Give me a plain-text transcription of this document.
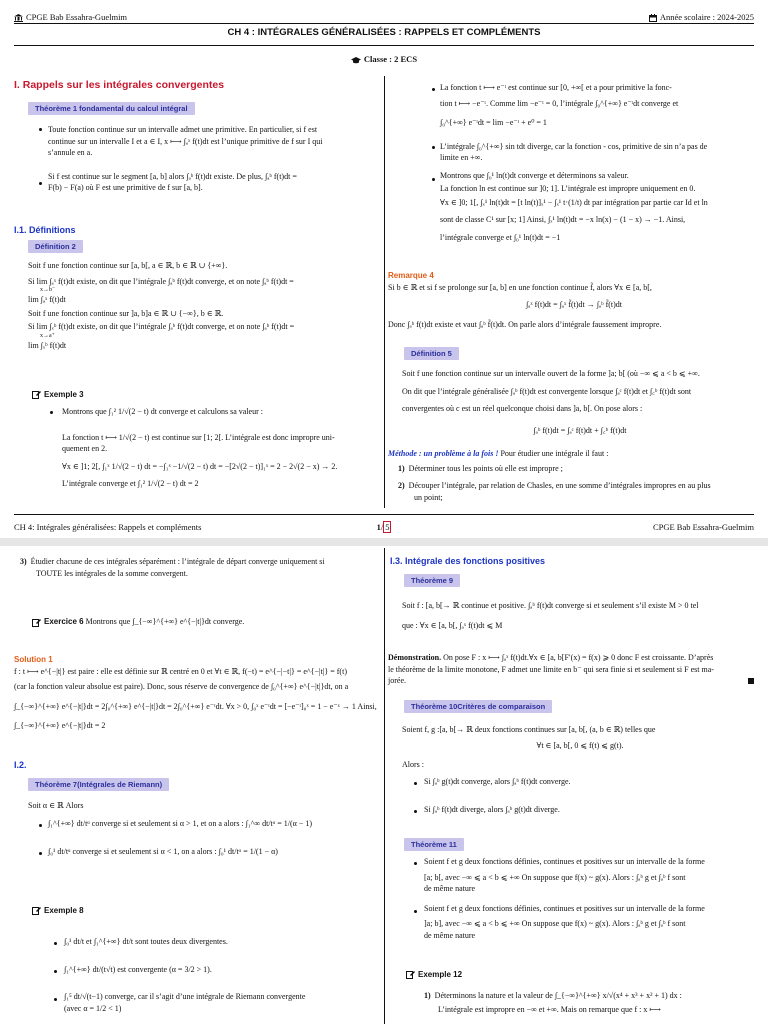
CPGE Bab Essahra-Guelmim	Année scolaire : 2024-2025
CH 4 : INTÉGRALES GÉNÉRALISÉES : RAPPELS ET COMPLÉMENTS
Classe : 2 ECS
I. Rappels sur les intégrales convergentes
Théorème 1 fondamental du calcul intégral

Toute fonction continue sur un intervalle admet une primitive. En particulier, si f est

continue sur un intervalle I et a ∈ I, x ⟼ ∫ₐˣ f(t)dt est l’unique primitive de f sur I qui

s’annule en a.

Si f est continue sur le segment [a, b] alors ∫ₐᵇ f(t)dt existe. De plus, ∫ₐᵇ f(t)dt =

F(b) − F(a) où F est une primitive de f sur [a, b].

I.1. Définitions
Définition 2

Soit f une fonction continue sur [a, b[, a ∈ ℝ, b ∈ ℝ ∪ {+∞}.

Si lim ∫ₐˣ f(t)dt existe, on dit que l’intégrale ∫ₐᵇ f(t)dt converge, et on note ∫ₐᵇ f(t)dt =

x→b⁻

lim ∫ₐˣ f(t)dt

Soit f une fonction continue sur ]a, b]a ∈ ℝ ∪ {−∞}, b ∈ ℝ.

Si lim ∫ₓᵇ f(t)dt existe, on dit que l’intégrale ∫ₐᵇ f(t)dt converge, et on note ∫ₐᵇ f(t)dt =

x→a⁺

lim ∫ₓᵇ f(t)dt

Exemple 3

Montrons que ∫₁² 1/√(2 − t) dt converge et calculons sa valeur :

La fonction t ⟼ 1/√(2 − t) est continue sur [1; 2[. L’intégrale est donc impropre uni-

quement en 2.

∀x ∈ ]1; 2[, ∫₁ˣ 1/√(2 − t) dt = −∫₁ˣ −1/√(2 − t) dt = −[2√(2 − t)]₁ˣ = 2 − 2√(2 − x) → 2.

L’intégrale converge et ∫₁² 1/√(2 − t) dt = 2

La fonction t ⟼ e⁻ᵗ est continue sur [0, +∞[ et a pour primitive la fonc-

tion t ⟼ −e⁻ᵗ. Comme lim −e⁻ᵗ = 0, l’intégrale ∫₀^{+∞} e⁻ᵗdt converge et

∫₀^{+∞} e⁻ᵗdt = lim −e⁻ᵗ + e⁰ = 1

L’intégrale ∫₀^{+∞} sin tdt diverge, car la fonction - cos, primitive de sin n’a pas de

limite en +∞.

Montrons que ∫₀¹ ln(t)dt converge et déterminons sa valeur.

La fonction ln est continue sur ]0; 1]. L’intégrale est impropre uniquement en 0.

∀x ∈ ]0; 1[, ∫ₓ¹ ln(t)dt = [t ln(t)]ₓ¹ − ∫ₓ¹ t·(1/t) dt par intégration par partie car Id et ln

sont de classe C¹ sur [x; 1] Ainsi, ∫ₓ¹ ln(t)dt = −x ln(x) − (1 − x) → −1. Ainsi,

l’intégrale converge et ∫₀¹ ln(t)dt = −1

Remarque 4

Si b ∈ ℝ et si f se prolonge sur [a, b] en une fonction continue f̃, alors ∀x ∈ [a, b[,

∫ₐˣ f(t)dt = ∫ₐˣ f̃(t)dt → ∫ₐᵇ f̃(t)dt

Donc ∫ₐᵇ f(t)dt existe et vaut ∫ₐᵇ f̃(t)dt. On parle alors d’intégrale faussement impropre.

Définition 5

Soit f une fonction continue sur un intervalle ouvert de la forme ]a; b[ (où −∞ ⩽ a < b ⩽ +∞.

On dit que l’intégrale généralisée ∫ₐᵇ f(t)dt est convergente lorsque ∫ₐᶜ f(t)dt et ∫꜀ᵇ f(t)dt sont

convergentes où c est un réel quelconque choisi dans ]a, b[. On pose alors :

∫ₐᵇ f(t)dt = ∫ₐᶜ f(t)dt + ∫꜀ᵇ f(t)dt

Méthode : un problème à la fois ! Pour étudier une intégrale il faut :

1) Déterminer tous les points où elle est impropre ;

2) Découper l’intégrale, par relation de Chasles, en une somme d’intégrales impropres en au plus

un point;

CH 4: Intégrales généralisées: Rappels et compléments	1/ 5	CPGE Bab Essahra-Guelmim

3) Étudier chacune de ces intégrales séparément : l’intégrale de départ converge uniquement si

TOUTE les intégrales de la somme convergent.

Exercice 6 Montrons que ∫_{−∞}^{+∞} e^{−|t|}dt converge.

Solution 1

f : t ⟼ e^{−|t|} est paire : elle est définie sur ℝ centré en 0 et ∀t ∈ ℝ, f(−t) = e^{−|−t|} = e^{−|t|} = f(t)

(car la fonction valeur absolue est paire). Donc, sous réserve de convergence de ∫₀^{+∞} e^{−|t|}dt, on a

∫_{−∞}^{+∞} e^{−|t|}dt = 2∫₀^{+∞} e^{−|t|}dt = 2∫₀^{+∞} e⁻ᵗdt. ∀x > 0, ∫₀ˣ e⁻ᵗdt = [−e⁻ᵗ]₀ˣ = 1 − e⁻ˣ → 1 Ainsi,

∫_{−∞}^{+∞} e^{−|t|}dt = 2

I.2.
Théorème 7(Intégrales de Riemann)

Soit α ∈ ℝ Alors

∫₁^{+∞} dt/tᵅ converge si et seulement si α > 1, et on a alors : ∫₁^∞ dt/tᵅ = 1/(α − 1)

∫₀¹ dt/tᵅ converge si et seulement si α < 1, on a alors : ∫₀¹ dt/tᵅ = 1/(1 − α)

Exemple 8

∫₀¹ dt/t et ∫₁^{+∞} dt/t sont toutes deux divergentes.

∫₁^{+∞} dt/(t√t) est convergente (α = 3/2 > 1).

∫₁⁵ dt/√(t−1) converge, car il s’agit d’une intégrale de Riemann convergente

(avec α = 1/2 < 1)

I.3. Intégrale des fonctions positives
Théorème 9

Soit f : [a, b[→ ℝ continue et positive. ∫ₐᵇ f(t)dt converge si et seulement s’il existe M > 0 tel

que : ∀x ∈ [a, b[, ∫ₐˣ f(t)dt ⩽ M

Démonstration. On pose F : x ⟼ ∫ₐˣ f(t)dt.∀x ∈ [a, b[F′(x) = f(x) ⩾ 0 donc F est croissante. D’après

le théorème de la limite monotone, F admet une limite en b⁻ qui sera finie si et seulement si F est ma-

jorée.

Théorème 10Critères de comparaison

Soient f, g :[a, b[→ ℝ deux fonctions continues sur [a, b[, (a, b ∈ ℝ) telles que

∀t ∈ [a, b[, 0 ⩽ f(t) ⩽ g(t).

Alors :

Si ∫ₐᵇ g(t)dt converge, alors ∫ₐᵇ f(t)dt converge.

Si ∫ₐᵇ f(t)dt diverge, alors ∫ₐᵇ g(t)dt diverge.

Théorème 11

Soient f et g deux fonctions définies, continues et positives sur un intervalle de la forme

[a; b[, avec −∞ ⩽ a < b ⩽ +∞ On suppose que f(x) ~ g(x). Alors : ∫ₐᵇ g et ∫ₐᵇ f sont

de même nature

Soient f et g deux fonctions définies, continues et positives sur un intervalle de la forme

]a; b], avec −∞ ⩽ a < b ⩽ +∞ On suppose que f(x) ~ g(x). Alors : ∫ₐᵇ g et ∫ₐᵇ f sont

de même nature

Exemple 12

1) Déterminons la nature et la valeur de ∫_{−∞}^{+∞} x/√(x⁴ + x³ + x² + 1) dx :

L’intégrale est impropre en −∞ et +∞. Mais on remarque que f : x ⟼
